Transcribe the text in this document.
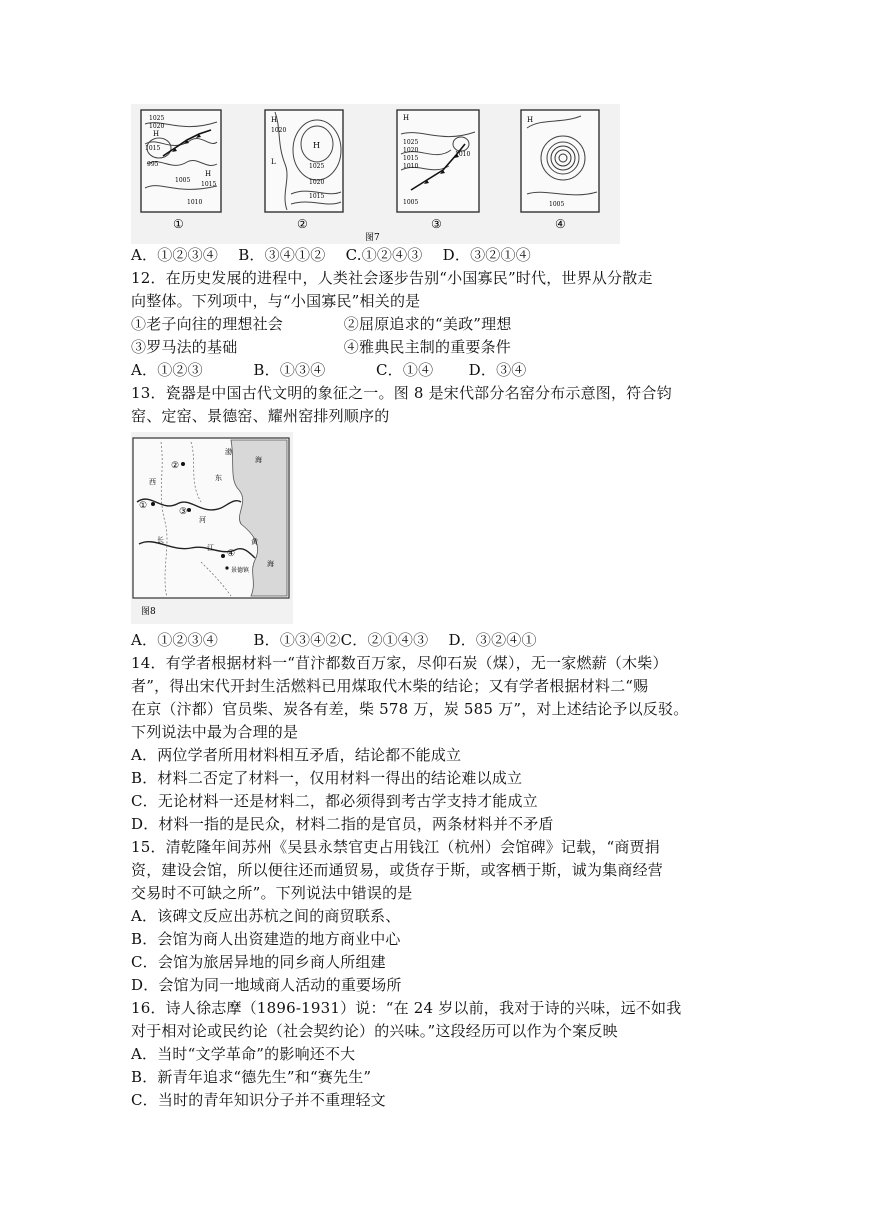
1025
1020
H
1015
995
1005
H
1015
1010
①
H
1020
L
H
1025
1020
1015
②
H
1025
1020
1015
1010
1010
1005
③
H
1005
④
图7
A．①②③④　 B．③④①②　 C.①②④③　 D．③②①④
12．在历史发展的进程中，人类社会逐步告别“小国寡民”时代，世界从分散走
向整体。下列项中，与“小国寡民”相关的是
①老子向往的理想社会　　　　②屈原追求的“美政”理想
③罗马法的基础　　　　　　　④雅典民主制的重要条件
A．①②③　　　 B．①③④　　　 C．①④　　 D．③④
13．瓷器是中国古代文明的象征之一。图 8 是宋代部分名窑分布示意图，符合钧
窑、定窑、景德窑、耀州窑排列顺序的
渤
海
②
东
西
③
河
①
黄
江
海
长
④
景德镇
图8
A．①②③④　　 B．①③④②C．②①④③　 D．③②④①
14．有学者根据材料一“苜汴都数百万家，尽仰石炭（煤），无一家燃薪（木柴）
者”，得出宋代开封生活燃料已用煤取代木柴的结论；又有学者根据材料二“赐
在京（汴都）官员柴、炭各有差，柴 578 万，炭 585 万”，对上述结论予以反驳。
下列说法中最为合理的是
A．两位学者所用材料相互矛盾，结论都不能成立
B．材料二否定了材料一，仅用材料一得出的结论难以成立
C．无论材料一还是材料二，都必须得到考古学支持才能成立
D．材料一指的是民众，材料二指的是官员，两条材料并不矛盾
15．清乾隆年间苏州《吴县永禁官吏占用钱江（杭州）会馆碑》记载，“商贾捐
资，建设会馆，所以便往还而通贸易，或货存于斯，或客栖于斯，诚为集商经营
交易时不可缺之所”。下列说法中错误的是
A．该碑文反应出苏杭之间的商贸联系、
B．会馆为商人出资建造的地方商业中心
C．会馆为旅居异地的同乡商人所组建
D．会馆为同一地域商人活动的重要场所
16．诗人徐志摩（1896-1931）说：“在 24 岁以前，我对于诗的兴味，远不如我
对于相对论或民约论（社会契约论）的兴味。”这段经历可以作为个案反映
A．当时“文学革命”的影响还不大
B．新青年追求“德先生”和“赛先生”
C．当时的青年知识分子并不重理轻文
